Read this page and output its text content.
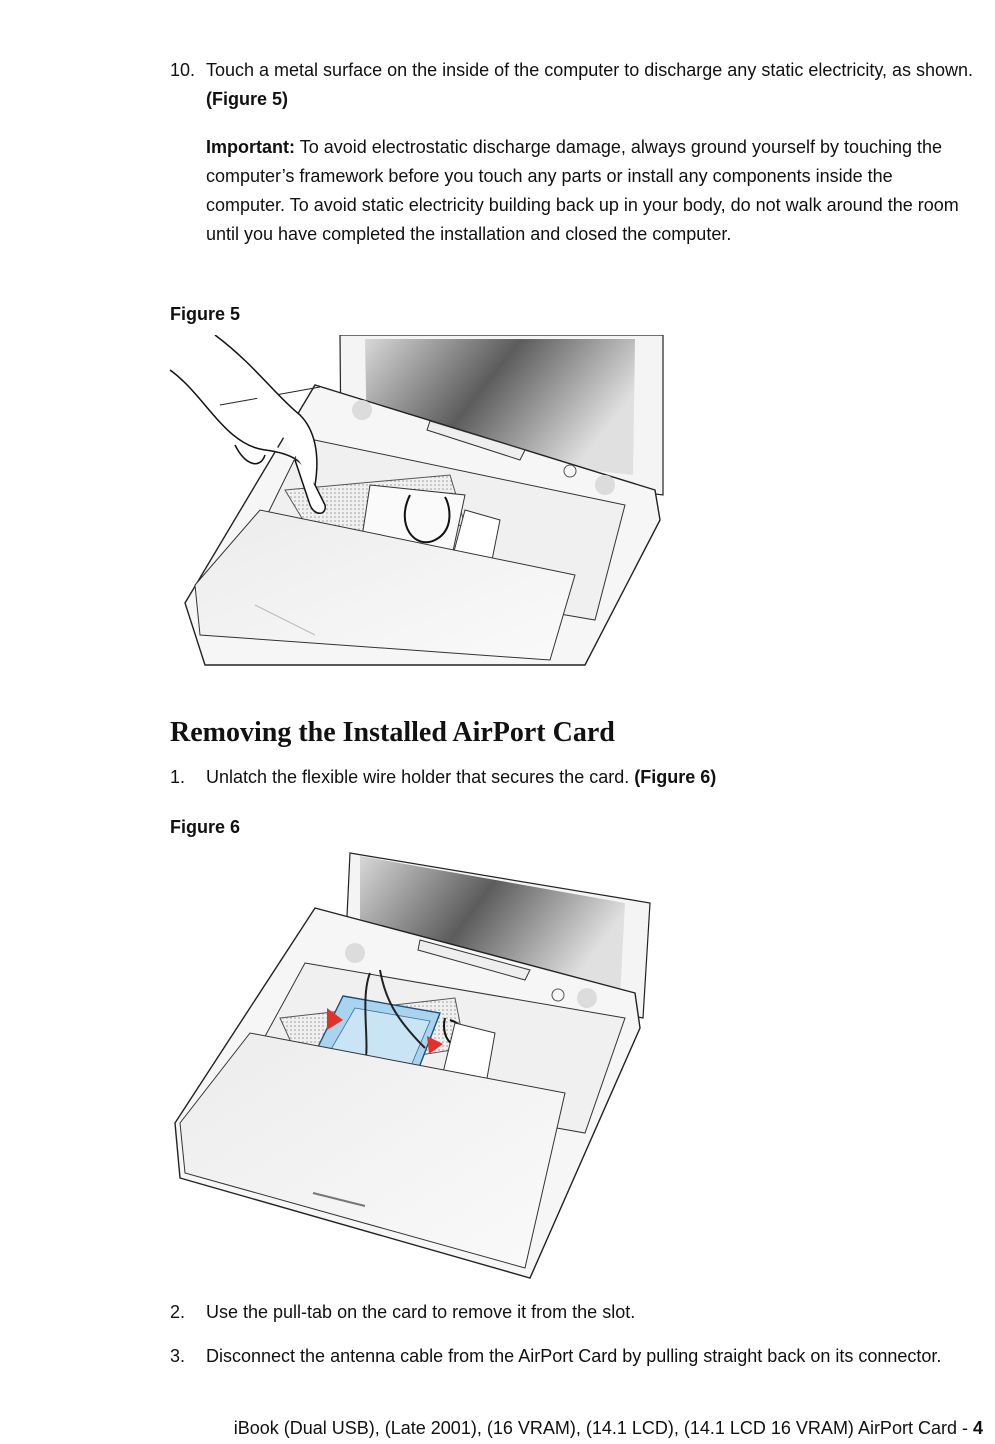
10. Touch a metal surface on the inside of the computer to discharge any static electricity, as shown. (Figure 5)
Important: To avoid electrostatic discharge damage, always ground yourself by touching the computer’s framework before you touch any parts or install any components inside the computer. To avoid static electricity building back up in your body, do not walk around the room until you have completed the installation and closed the computer.
Figure 5
Removing the Installed AirPort Card
1. Unlatch the flexible wire holder that secures the card. (Figure 6)
Figure 6
2. Use the pull-tab on the card to remove it from the slot.
3. Disconnect the antenna cable from the AirPort Card by pulling straight back on its connector.
iBook (Dual USB), (Late 2001), (16 VRAM), (14.1 LCD), (14.1 LCD 16 VRAM) AirPort Card - 4
